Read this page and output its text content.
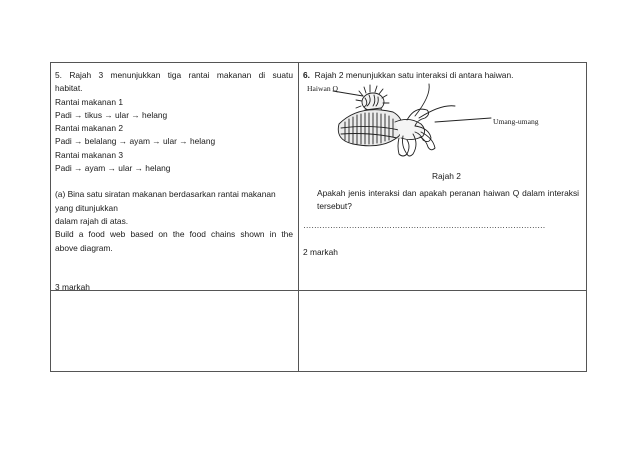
5. Rajah 3 menunjukkan tiga rantai makanan di suatu

habitat.

Rantai makanan 1

Padi → tikus → ular → helang

Rantai makanan 2

Padi → belalang → ayam → ular → helang

Rantai makanan 3

Padi → ayam → ular → helang

(a) Bina satu siratan makanan berdasarkan rantai makanan

yang ditunjukkan

dalam rajah di atas.

Build a food web based on the food chains shown in the

above diagram.

3 markah

6. Rajah 2 menunjukkan satu interaksi di antara haiwan.

Haiwan Q
Umang-umang
Rajah 2

Apakah jenis interaksi dan apakah peranan haiwan Q dalam interaksi tersebut?

………………………………………………………………………………
2 markah
